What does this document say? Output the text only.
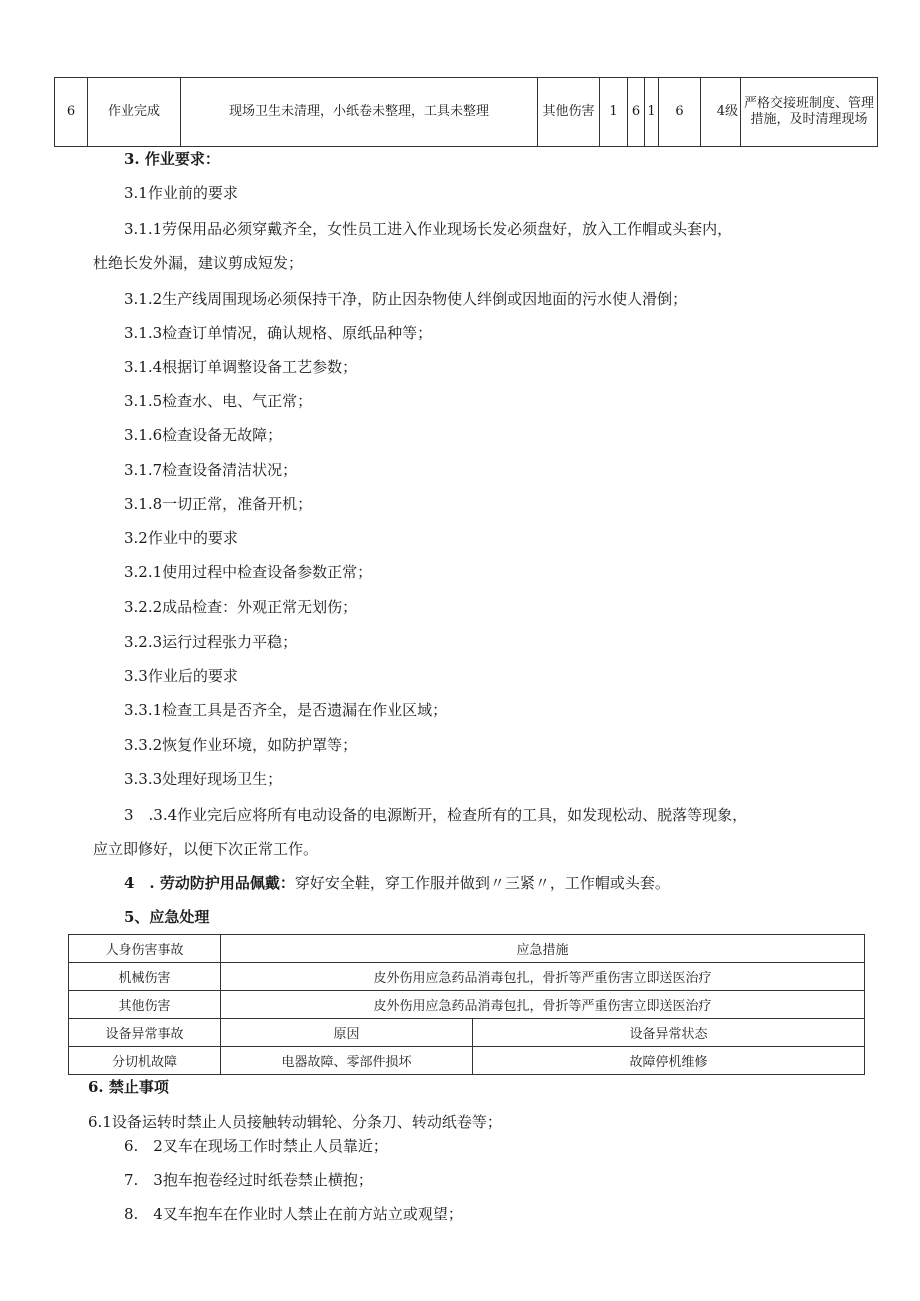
6	作业完成	现场卫生未清理，小纸卷未整理，工具未整理	其他伤害	1	6	1	6	4级	严格交接班制度、管理措施，及时清理现场
3. 作业要求：
3.1作业前的要求
3.1.1劳保用品必须穿戴齐全，女性员工进入作业现场长发必须盘好，放入工作帽或头套内，
杜绝长发外漏，建议剪成短发；
3.1.2生产线周围现场必须保持干净，防止因杂物使人绊倒或因地面的污水使人滑倒；
3.1.3检查订单情况，确认规格、原纸品种等；
3.1.4根据订单调整设备工艺参数；
3.1.5检查水、电、气正常；
3.1.6检查设备无故障；
3.1.7检查设备清洁状况；
3.1.8一切正常，准备开机；
3.2作业中的要求
3.2.1使用过程中检查设备参数正常；
3.2.2成品检查：外观正常无划伤；
3.2.3运行过程张力平稳；
3.3作业后的要求
3.3.1检查工具是否齐全，是否遗漏在作业区域；
3.3.2恢复作业环境，如防护罩等；
3.3.3处理好现场卫生；
3　.3.4作业完后应将所有电动设备的电源断开，检查所有的工具，如发现松动、脱落等现象，
应立即修好，以便下次正常工作。
4　. 劳动防护用品佩戴：穿好安全鞋，穿工作服并做到〃三紧〃，工作帽或头套。
5、应急处理
人身伤害事故	应急措施	
机械伤害	皮外伤用应急药品消毒包扎，骨折等严重伤害立即送医治疗	
其他伤害	皮外伤用应急药品消毒包扎，骨折等严重伤害立即送医治疗	
设备异常事故	原因	设备异常状态
分切机故障	电器故障、零部件损坏	故障停机维修
6. 禁止事项
6.1设备运转时禁止人员接触转动辑轮、分条刀、转动纸卷等；
6.　2叉车在现场工作时禁止人员靠近；
7.　3抱车抱卷经过时纸卷禁止横抱；
8.　4叉车抱车在作业时人禁止在前方站立或观望；
